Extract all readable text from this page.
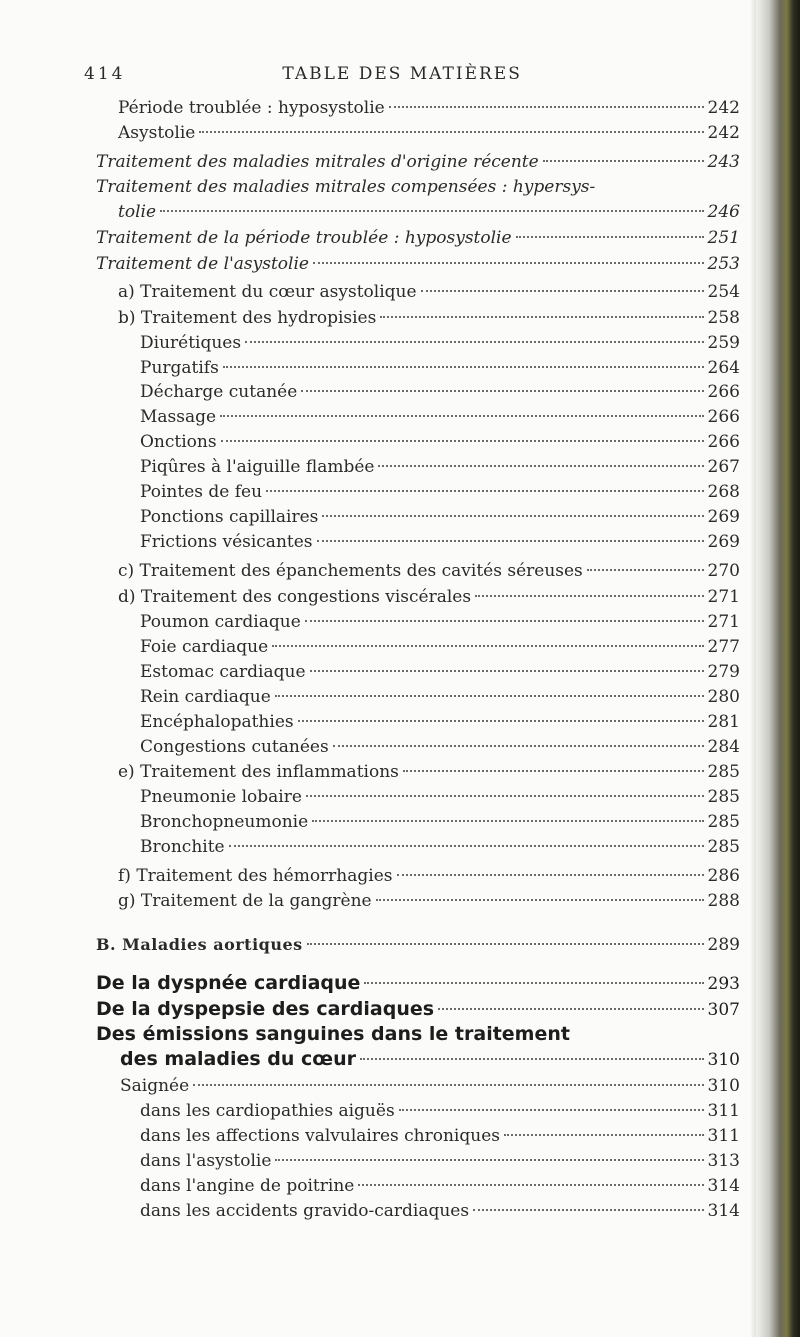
414	TABLE DES MATIÈRES
Période troublée : hyposystolie	242
Asystolie	242
Traitement des maladies mitrales d'origine récente	243
Traitement des maladies mitrales compensées : hypersys-
tolie	246
Traitement de la période troublée : hyposystolie	251
Traitement de l'asystolie	253
a) Traitement du cœur asystolique	254
b) Traitement des hydropisies	258
Diurétiques	259
Purgatifs	264
Décharge cutanée	266
Massage	266
Onctions	266
Piqûres à l'aiguille flambée	267
Pointes de feu	268
Ponctions capillaires	269
Frictions vésicantes	269
c) Traitement des épanchements des cavités séreuses	270
d) Traitement des congestions viscérales	271
Poumon cardiaque	271
Foie cardiaque	277
Estomac cardiaque	279
Rein cardiaque	280
Encéphalopathies	281
Congestions cutanées	284
e) Traitement des inflammations	285
Pneumonie lobaire	285
Bronchopneumonie	285
Bronchite	285
f) Traitement des hémorrhagies	286
g) Traitement de la gangrène	288
B. Maladies aortiques	289
De la dyspnée cardiaque	293
De la dyspepsie des cardiaques	307
Des émissions sanguines dans le traitement
des maladies du cœur	310
Saignée	310
dans les cardiopathies aiguës	311
dans les affections valvulaires chroniques	311
dans l'asystolie	313
dans l'angine de poitrine	314
dans les accidents gravido-cardiaques	314
